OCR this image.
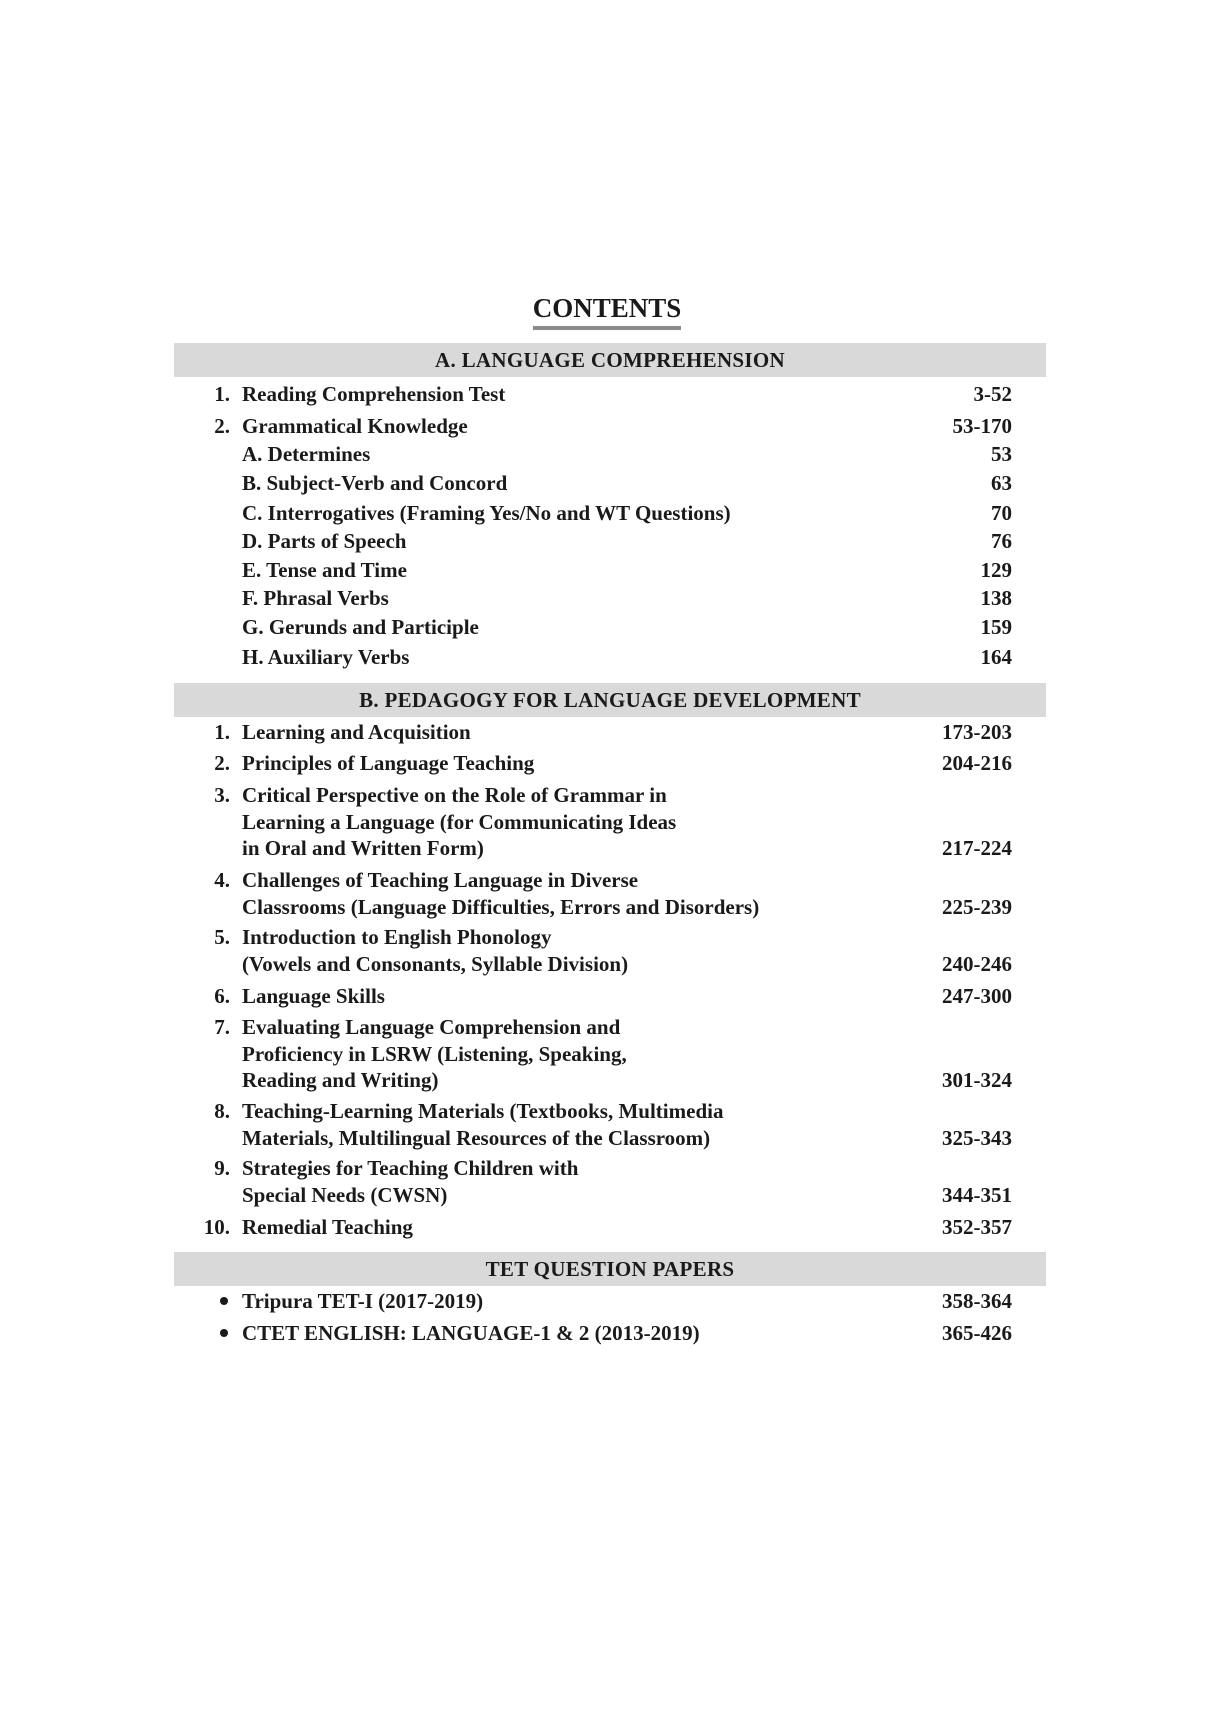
CONTENTS
A. LANGUAGE COMPREHENSION
1. Reading Comprehension Test	3-52
2. Grammatical Knowledge	53-170
A. Determines	53
B. Subject-Verb and Concord	63
C. Interrogatives (Framing Yes/No and WT Questions)	70
D. Parts of Speech	76
E. Tense and Time	129
F. Phrasal Verbs	138
G. Gerunds and Participle	159
H. Auxiliary Verbs	164
B. PEDAGOGY FOR LANGUAGE DEVELOPMENT
1. Learning and Acquisition	173-203
2. Principles of Language Teaching	204-216
3. Critical Perspective on the Role of Grammar in
Learning a Language (for Communicating Ideas
in Oral and Written Form)	217-224
4. Challenges of Teaching Language in Diverse
Classrooms (Language Difficulties, Errors and Disorders)	225-239
5. Introduction to English Phonology
(Vowels and Consonants, Syllable Division)	240-246
6. Language Skills	247-300
7. Evaluating Language Comprehension and
Proficiency in LSRW (Listening, Speaking,
Reading and Writing)	301-324
8. Teaching-Learning Materials (Textbooks, Multimedia
Materials, Multilingual Resources of the Classroom)	325-343
9. Strategies for Teaching Children with
Special Needs (CWSN)	344-351
10. Remedial Teaching	352-357
TET QUESTION PAPERS
Tripura TET-I (2017-2019)	358-364
CTET ENGLISH: LANGUAGE-1 & 2 (2013-2019)	365-426
